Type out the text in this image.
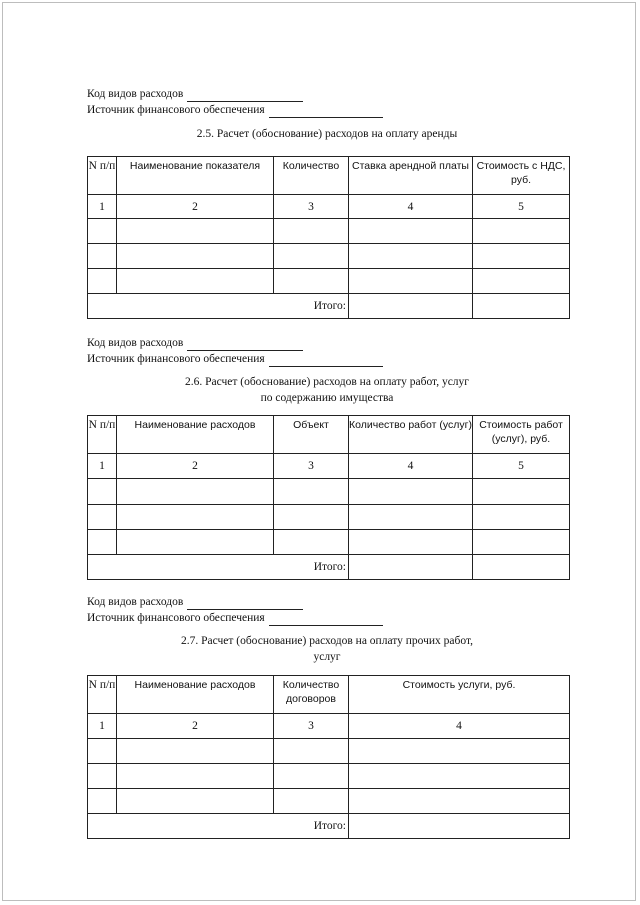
Код видов расходов
Источник финансового обеспечения
2.5. Расчет (обоснование) расходов на оплату аренды
N п/п	Наименование показателя	Количество	Ставка арендной платы	Стоимость с НДС, руб.
1	2	3	4	5

Итого:				
Код видов расходов
Источник финансового обеспечения
2.6. Расчет (обоснование) расходов на оплату работ, услуг
по содержанию имущества
N п/п	Наименование расходов	Объект	Количество работ (услуг)	Стоимость работ (услуг), руб.
1	2	3	4	5

Итого:				
Код видов расходов
Источник финансового обеспечения
2.7. Расчет (обоснование) расходов на оплату прочих работ,
услуг
N п/п	Наименование расходов	Количество договоров	Стоимость услуги, руб.
1	2	3	4

Итого:			
